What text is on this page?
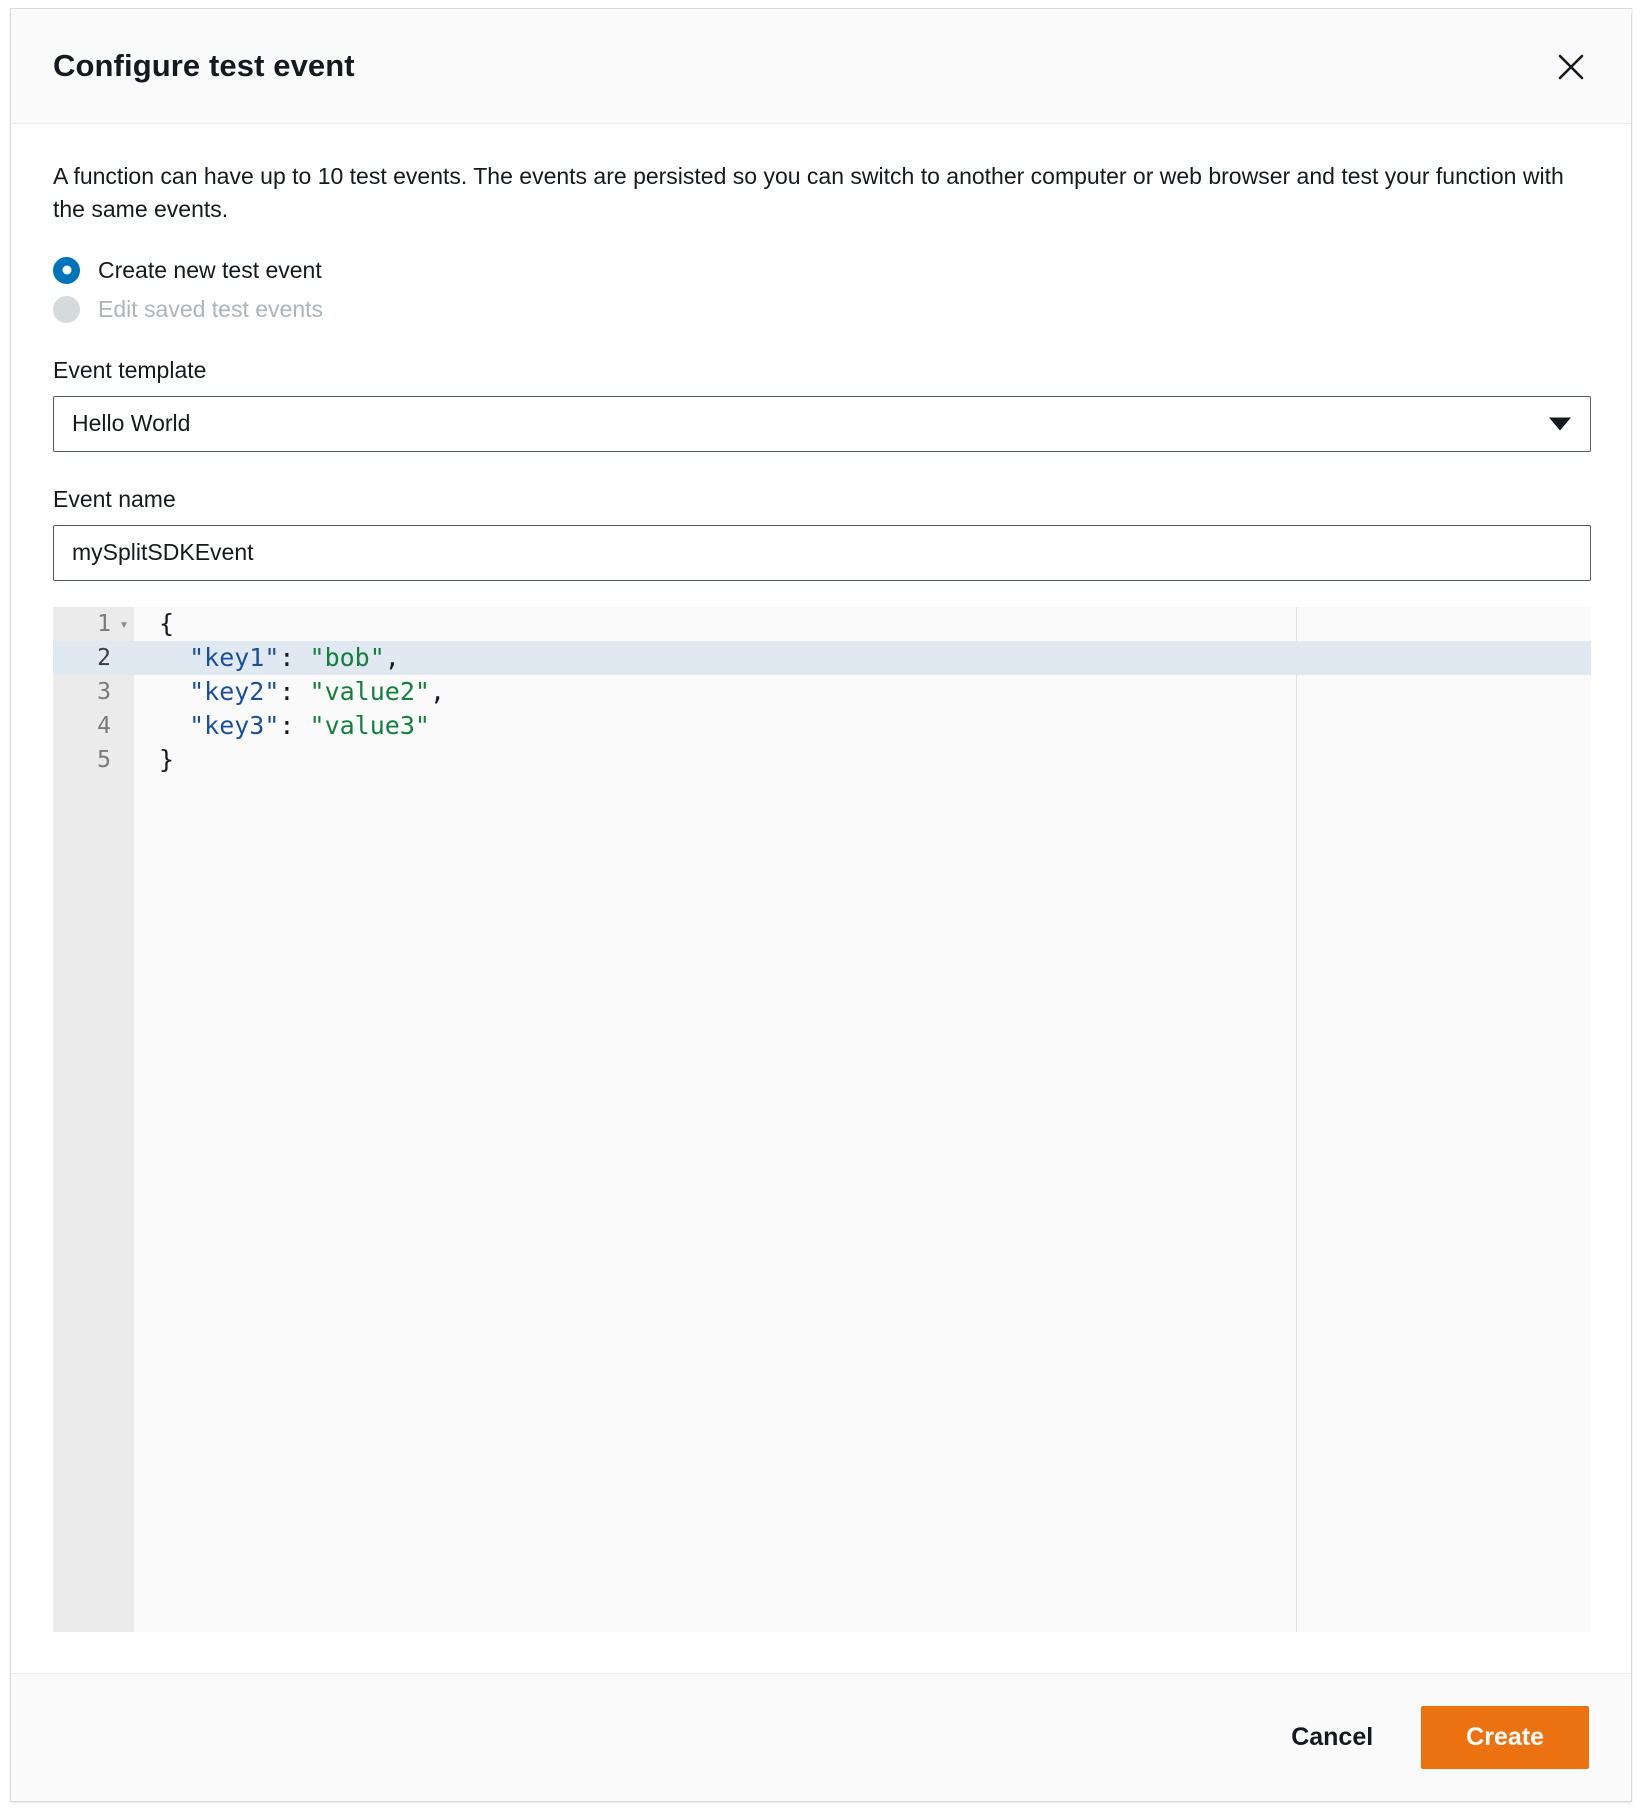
Configure test event

A function can have up to 10 test events. The events are persisted so you can switch to another computer or web browser and test your function with the same events.

Create new test event
Edit saved test events
Event template
Hello World
Event name
mySplitSDKEvent
1 ▾ {
2 "key1": "bob",
3 "key2": "value2",
4 "key3": "value3"
5 }
Cancel	Create
